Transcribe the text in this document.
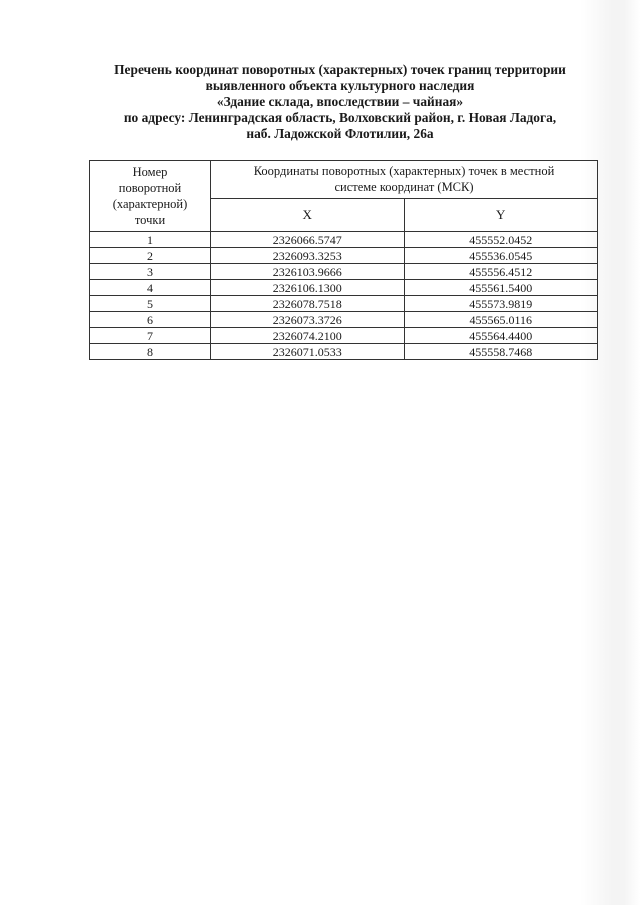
Перечень координат поворотных (характерных) точек границ территории
выявленного объекта культурного наследия
«Здание склада, впоследствии – чайная»
по адресу: Ленинградская область, Волховский район, г. Новая Ладога,
наб. Ладожской Флотилии, 26а
Номер
поворотной
(характерной)
точки	Координаты поворотных (характерных) точек в местной
системе координат (МСК)	

	X	Y
1	2326066.5747	455552.0452
2	2326093.3253	455536.0545
3	2326103.9666	455556.4512
4	2326106.1300	455561.5400
5	2326078.7518	455573.9819
6	2326073.3726	455565.0116
7	2326074.2100	455564.4400
8	2326071.0533	455558.7468
